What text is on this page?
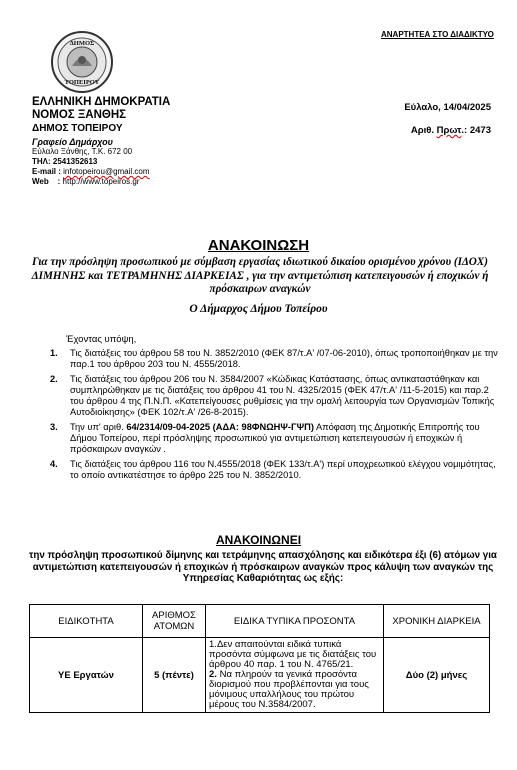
ΑΝΑΡΤΗΤΕΑ ΣΤΟ ΔΙΑΔΙΚΤΥΟ
ΔΗΜΟΣ
ΤΟΠΕΙΡΟΥ
ΕΛΛΗΝΙΚΗ ΔΗΜΟΚΡΑΤΙΑ
ΝΟΜΟΣ ΞΑΝΘΗΣ
ΔΗΜΟΣ ΤΟΠΕΙΡΟΥ
Γραφείο Δημάρχου
Εύλαλο Ξάνθης, Τ.Κ. 672 00
ΤΗΛ: 2541352613
E-mail : infotopeirou@gmail.com
Web    : http://www.topeiros.gr
Εύλαλο, 14/04/2025
Αριθ. Πρωτ.: 2473
ΑΝΑΚΟΙΝΩΣΗ
Για την πρόσληψη προσωπικού με σύμβαση εργασίας ιδιωτικού δικαίου ορισμένου χρόνου (ΙΔΟΧ) ΔΙΜΗΝΗΣ και ΤΕΤΡΑΜΗΝΗΣ ΔΙΑΡΚΕΙΑΣ , για την αντιμετώπιση κατεπειγουσών ή εποχικών ή πρόσκαιρων αναγκών
Ο Δήμαρχος Δήμου Τοπείρου
Έχοντας υπόψη,
1. Τις διατάξεις του άρθρου 58 του Ν. 3852/2010 (ΦΕΚ 87/τ.Α' /07-06-2010), όπως τροποποιήθηκαν με την παρ.1 του άρθρου 203 του Ν. 4555/2018.
2. Τις διατάξεις του άρθρου 206 του Ν. 3584/2007 «Κώδικας Κατάστασης, όπως αντικαταστάθηκαν και συμπληρώθηκαν με τις διατάξεις του άρθρου 41 του Ν. 4325/2015 (ΦΕΚ 47/τ.Α' /11-5-2015) και παρ.2 του άρθρου 4 της Π.Ν.Π. «Κατεπείγουσες ρυθμίσεις για την ομαλή λειτουργία των Οργανισμών Τοπικής Αυτοδιοίκησης» (ΦΕΚ 102/τ.Α' /26-8-2015).
3. Την υπ' αριθ. 64/2314/09-04-2025 (ΑΔΑ: 98ΦΝΩΗΨ-ΓΨΠ) Απόφαση της Δημοτικής Επιτροπής του Δήμου Τοπείρου, περί πρόσληψης προσωπικού για αντιμετώπιση κατεπειγουσών ή εποχικών ή πρόσκαιρων αναγκών .
4. Τις διατάξεις του άρθρου 116 του Ν.4555/2018 (ΦΕΚ 133/τ.Α') περί υποχρεωτικού ελέγχου νομιμότητας, το οποίο αντικατέστησε το άρθρο 225 του Ν. 3852/2010.
ΑΝΑΚΟΙΝΩΝΕΙ
την πρόσληψη προσωπικού δίμηνης και τετράμηνης απασχόλησης και ειδικότερα έξι (6) ατόμων για αντιμετώπιση κατεπειγουσών ή εποχικών ή πρόσκαιρων αναγκών προς κάλυψη των αναγκών της Υπηρεσίας Καθαριότητας ως εξής:
ΕΙΔΙΚΟΤΗΤΑ	ΑΡΙΘΜΟΣ ΑΤΟΜΩΝ	ΕΙΔΙΚΑ ΤΥΠΙΚΑ ΠΡΟΣΟΝΤΑ	ΧΡΟΝΙΚΗ ΔΙΑΡΚΕΙΑ
ΥΕ Εργατών	5 (πέντε)	1.Δεν απαιτούνται ειδικά τυπικά προσόντα σύμφωνα με τις διατάξεις του άρθρου 40 παρ. 1 του Ν. 4765/21.
2. Να πληρούν τα γενικά προσόντα διορισμού που προβλέπονται για τους μόνιμους υπαλλήλους του πρώτου μέρους του Ν.3584/2007.	Δύο (2) μήνες
